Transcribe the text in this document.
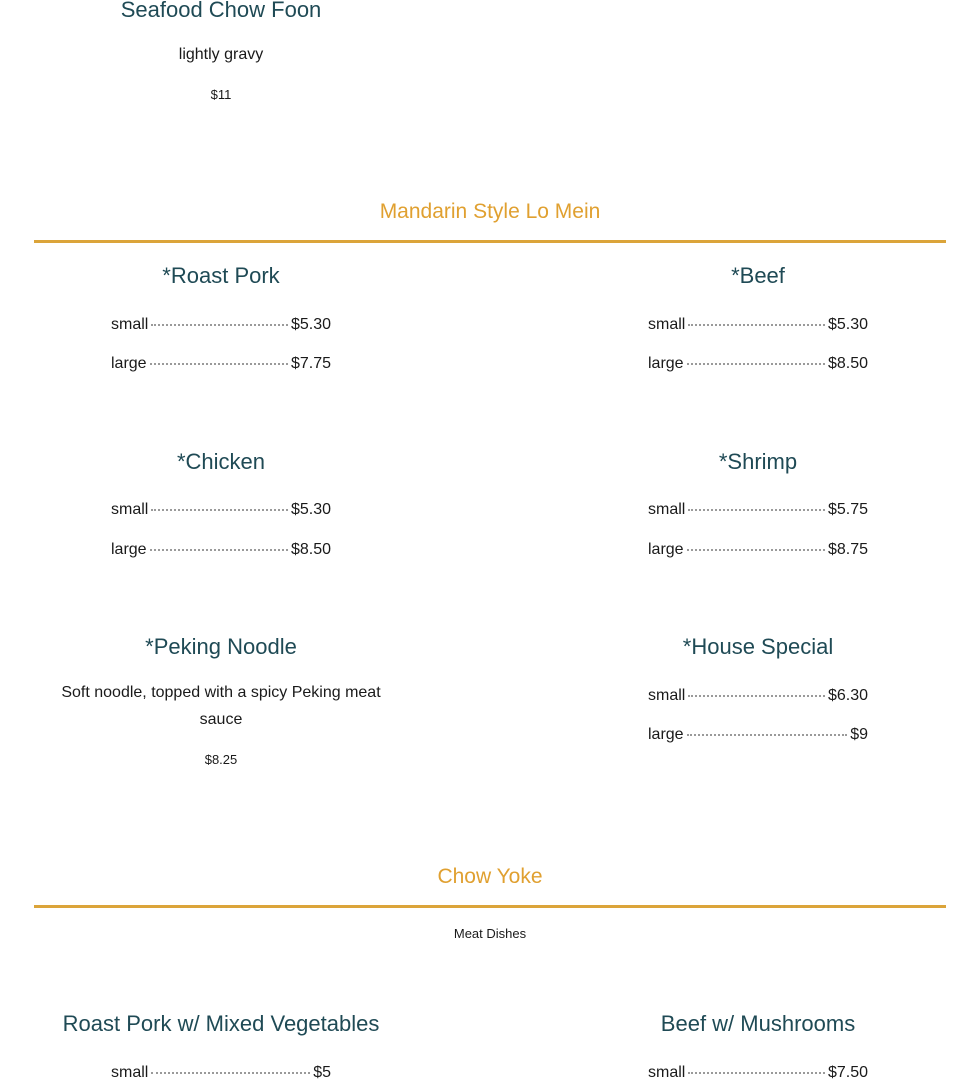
Seafood Chow Foon
lightly gravy
$11
Mandarin Style Lo Mein
*Roast Pork
small	$5.30
large	$7.75
*Beef
small	$5.30
large	$8.50
*Chicken
small	$5.30
large	$8.50
*Shrimp
small	$5.75
large	$8.75
*Peking Noodle
Soft noodle, topped with a spicy Peking meat sauce
$8.25
*House Special
small	$6.30
large	$9
Chow Yoke
Meat Dishes
Roast Pork w/ Mixed Vegetables
small	$5
Beef w/ Mushrooms
small	$7.50
